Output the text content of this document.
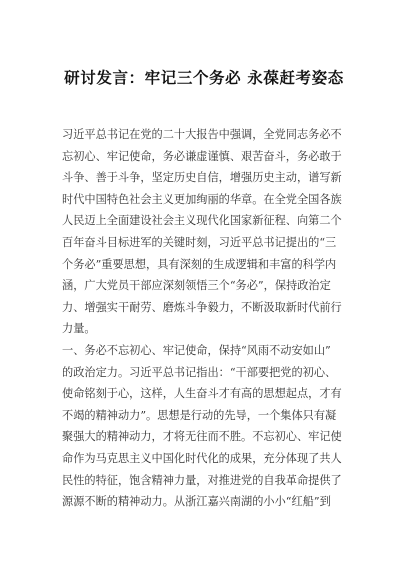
研讨发言：牢记三个务必 永葆赶考姿态
习近平总书记在党的二十大报告中强调，全党同志务必不
忘初心、牢记使命，务必谦虚谨慎、艰苦奋斗，务必敢于
斗争、善于斗争，坚定历史自信，增强历史主动，谱写新
时代中国特色社会主义更加绚丽的华章。在全党全国各族
人民迈上全面建设社会主义现代化国家新征程、向第二个
百年奋斗目标进军的关键时刻，习近平总书记提出的“三
个务必”重要思想，具有深刻的生成逻辑和丰富的科学内
涵，广大党员干部应深刻领悟三个“务必”，保持政治定
力、增强实干耐劳、磨炼斗争毅力，不断汲取新时代前行
力量。
一、务必不忘初心、牢记使命，保持“风雨不动安如山”
的政治定力。习近平总书记指出：“干部要把党的初心、
使命铭刻于心，这样，人生奋斗才有高的思想起点，才有
不竭的精神动力”。思想是行动的先导，一个集体只有凝
聚强大的精神动力，才将无往而不胜。不忘初心、牢记使
命作为马克思主义中国化时代化的成果，充分体现了共人
民性的特征，饱含精神力量，对推进党的自我革命提供了
源源不断的精神动力。从浙江嘉兴南湖的小小“红船”到
